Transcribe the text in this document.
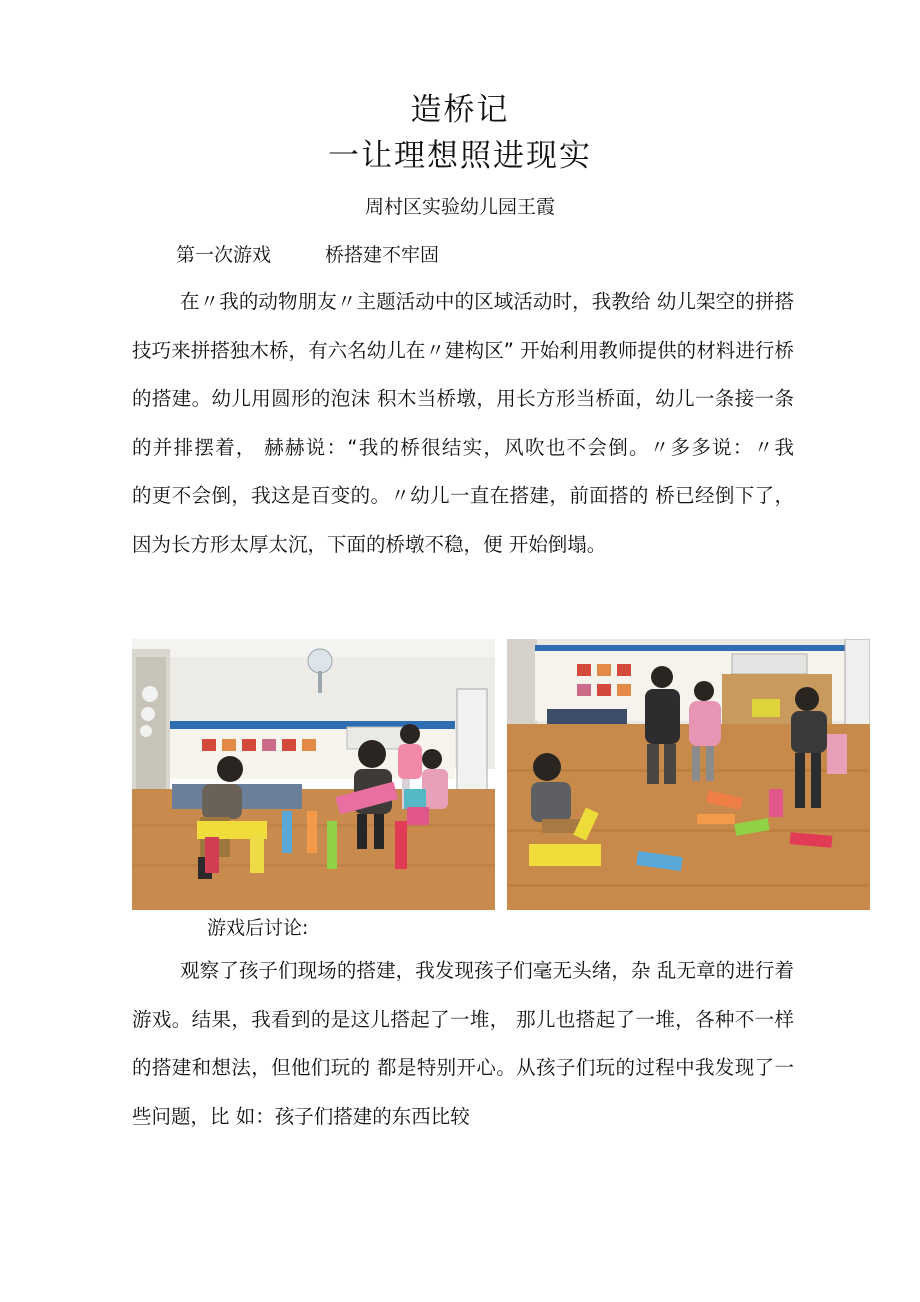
造桥记
一让理想照进现实
周村区实验幼儿园王霞
第一次游戏	桥搭建不牢固

在〃我的动物朋友〃主题活动中的区域活动时，我教给 幼儿架空的拼搭技巧来拼搭独木桥，有六名幼儿在〃建构区” 开始利用教师提供的材料进行桥的搭建。幼儿用圆形的泡沫 积木当桥墩，用长方形当桥面，幼儿一条接一条的并排摆着， 赫赫说：“我的桥很结实，风吹也不会倒。〃多多说：〃我　　的更不会倒，我这是百变的。〃幼儿一直在搭建，前面搭的 桥已经倒下了，因为长方形太厚太沉，下面的桥墩不稳，便 开始倒塌。

游戏后讨论:

观察了孩子们现场的搭建，我发现孩子们毫无头绪，杂 乱无章的进行着游戏。结果，我看到的是这儿搭起了一堆， 那儿也搭起了一堆，各种不一样的搭建和想法，但他们玩的 都是特别开心。从孩子们玩的过程中我发现了一些问题，比 如：孩子们搭建的东西比较
